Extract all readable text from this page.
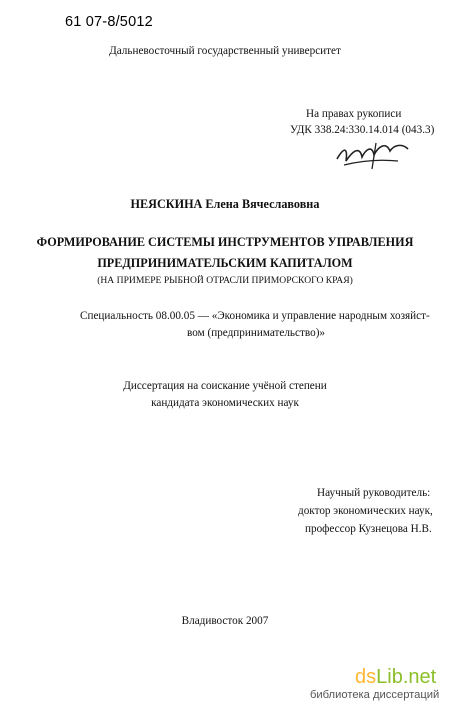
61 07-8/5012
Дальневосточный государственный университет
На правах рукописи
УДК 338.24:330.14.014 (043.3)
НЕЯСКИНА Елена Вячеславовна
ФОРМИРОВАНИЕ СИСТЕМЫ ИНСТРУМЕНТОВ УПРАВЛЕНИЯ
ПРЕДПРИНИМАТЕЛЬСКИМ КАПИТАЛОМ
(НА ПРИМЕРЕ РЫБНОЙ ОТРАСЛИ ПРИМОРСКОГО КРАЯ)
Специальность 08.00.05 — «Экономика и управление народным хозяйст-
вом (предпринимательство)»
Диссертация на соискание учёной степени
кандидата экономических наук
Научный руководитель:
доктор экономических наук,
профессор Кузнецова Н.В.
Владивосток 2007
dsLib.net
библиотека диссертаций
